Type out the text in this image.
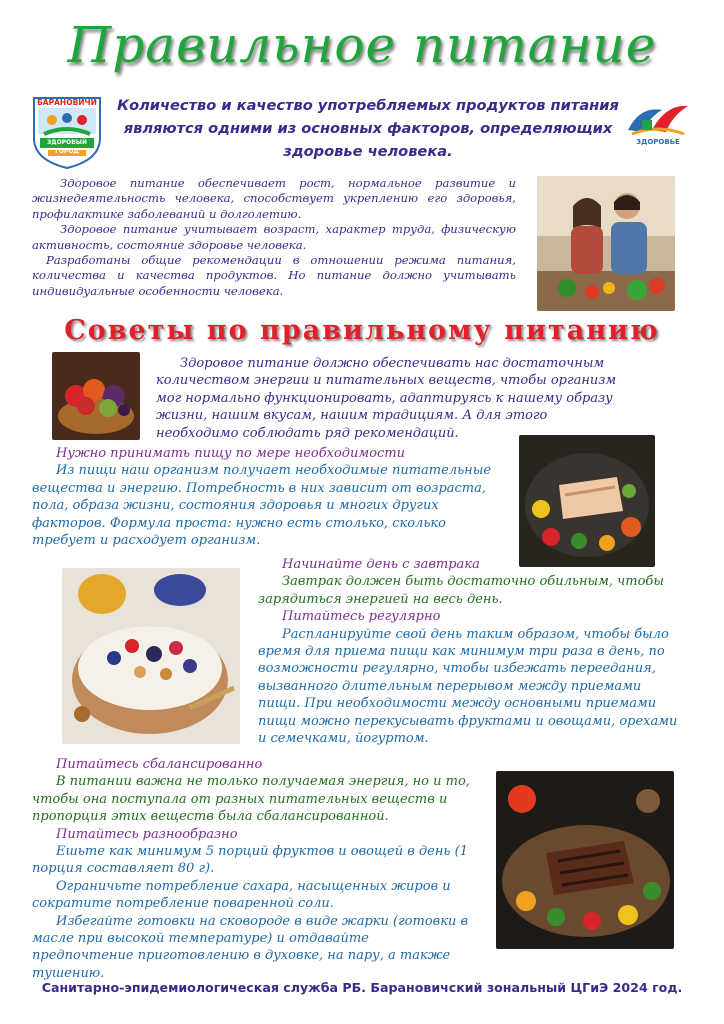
Правильное питание
БАРАНОВИЧИ
ЗДОРОВЫЙ ГОРОД
Количество и качество употребляемых продуктов питания являются одними из основных факторов, определяющих здоровье человека.
ЗДОРОВЬЕ

Здоровое питание обеспечивает рост, нормальное развитие и жизнедеятельность человека, способствует укреплению его здоровья, профилактике заболеваний и долголетию.

Здоровое питание учитывает возраст, характер труда, физическую активность, состояние здоровье человека.

Разработаны общие рекомендации в отношении режима питания, количества и качества продуктов. Но питание должно учитывать индивидуальные особенности человека.

Советы по правильному питанию

Здоровое питание должно обеспечивать нас достаточным количеством энергии и питательных веществ, чтобы организм мог нормально функционировать, адаптируясь к нашему образу жизни, нашим вкусам, нашим традициям. А для этого необходимо соблюдать ряд рекомендаций.

Нужно принимать пищу по мере необходимости

Из пищи наш организм получает необходимые питательные вещества и энергию. Потребность в них зависит от возраста, пола, образа жизни, состояния здоровья и многих других факторов. Формула проста: нужно есть столько, сколько требует и расходует организм.

Начинайте день с завтрака

Завтрак должен быть достаточно обильным, чтобы зарядиться энергией на весь день.

Питайтесь регулярно

Распланируйте свой день таким образом, чтобы было время для приема пищи как минимум три раза в день, по возможности регулярно, чтобы избежать переедания, вызванного длительным перерывом между приемами пищи. При необходимости между основными приемами пищи можно перекусывать фруктами и овощами, орехами и семечками, йогуртом.

Питайтесь сбалансированно

В питании важна не только получаемая энергия, но и то, чтобы она поступала от разных питательных веществ и пропорция этих веществ была сбалансированной.

Питайтесь разнообразно

Ешьте как минимум 5 порций фруктов и овощей в день (1 порция составляет 80 г).

Ограничьте потребление сахара, насыщенных жиров и сократите потребление поваренной соли.

Избегайте готовки на сковороде в виде жарки (готовки в масле при высокой температуре) и отдавайте предпочтение приготовлению в духовке, на пару, а также тушению.

Санитарно-эпидемиологическая служба РБ. Барановичский зональный ЦГиЭ 2024 год.
